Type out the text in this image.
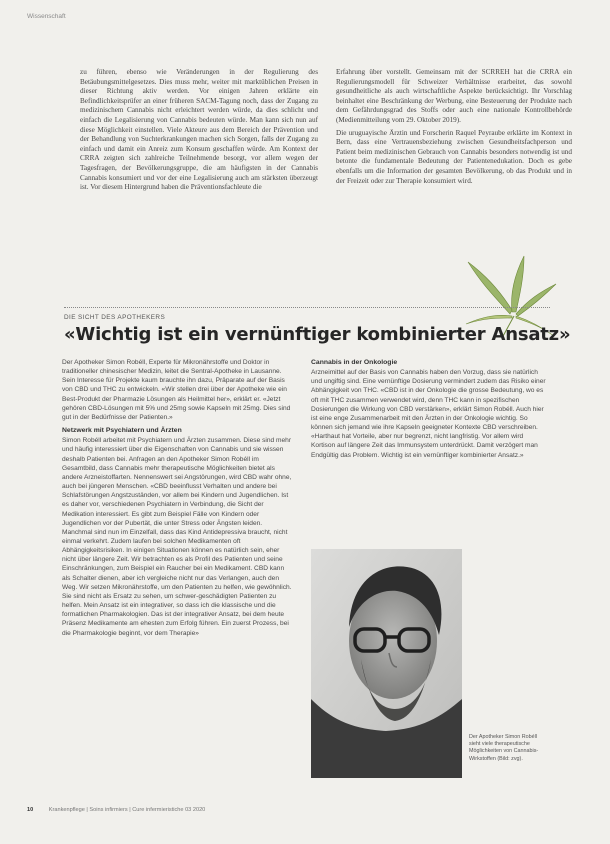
Wissenschaft

zu führen, ebenso wie Veränderungen in der Regulierung des Betäubungsmittelgesetzes. Dies muss mehr, weiter mit marktüblichen Preisen in dieser Richtung aktiv werden. Vor einigen Jahren erklärte ein Befindlichkeitsprüfer an einer früheren SACM-Tagung noch, dass der Zugang zu medizinischem Cannabis nicht erleichtert werden würde, da dies schlicht und einfach die Legalisierung von Cannabis bedeuten würde. Man kann sich nun auf diese Möglichkeit einstellen. Viele Akteure aus dem Bereich der Prävention und der Behandlung von Suchterkrankungen machen sich Sorgen, falls der Zugang zu einfach und damit ein Anreiz zum Konsum geschaffen würde. Am Kontext der CRRA zeigten sich zahlreiche Teilnehmende besorgt, vor allem wegen der Tagesfragen, der Bevölkerungsgruppe, die am häufigsten in der Cannabis Cannabis konsumiert und vor der eine Legalisierung auch am stärksten überzeugt ist. Vor diesem Hintergrund haben die Präventionsfachleute die

Erfahrung über vorstellt. Gemeinsam mit der SCRREH hat die CRRA ein Regulierungsmodell für Schweizer Verhältnisse erarbeitet, das sowohl gesundheitliche als auch wirtschaftliche Aspekte berücksichtigt. Ihr Vorschlag beinhaltet eine Beschränkung der Werbung, eine Besteuerung der Produkte nach dem Gefährdungsgrad des Stoffs oder auch eine nationale Kontrollbehörde (Medienmitteilung vom 29. Oktober 2019).

Die uruguayische Ärztin und Forscherin Raquel Peyraube erklärte im Kontext in Bern, dass eine Vertrauensbeziehung zwischen Gesundheitsfachperson und Patient beim medizinischen Gebrauch von Cannabis besonders notwendig ist und betonte die fundamentale Bedeutung der Patientenedukation. Doch es gebe ebenfalls um die Information der gesamten Bevölkerung, ob das Produkt und in der Freizeit oder zur Therapie konsumiert wird.

DIE SICHT DES APOTHEKERS
«Wichtig ist ein vernünftiger kombinierter Ansatz»

Der Apotheker Simon Robéll, Experte für Mikronährstoffe und Doktor in traditioneller chinesischer Medizin, leitet die Sentral-Apotheke in Lausanne. Sein Interesse für Projekte kaum brauchte ihn dazu, Präparate auf der Basis von CBD und THC zu entwickeln. «Wir stellen drei über der Apotheke wie ein Best-Produkt der Pharmazie Lösungen als Heilmittel her», erklärt er. «Jetzt gehören CBD-Lösungen mit 5% und 25mg sowie Kapseln mit 25mg. Dies sind gut in der Bedürfnisse der Patienten.»

Netzwerk mit Psychiatern und Ärzten

Simon Robéll arbeitet mit Psychiatern und Ärzten zusammen. Diese sind mehr und häufig interessiert über die Eigenschaften von Cannabis und sie wissen deshalb Patienten bei. Anfragen an den Apotheker Simon Robéll im Gesamtbild, dass Cannabis mehr therapeutische Möglichkeiten bietet als andere Arzneistoffarten. Nennenswert sei Angstörungen, wird CBD wahr ohne, auch bei jüngeren Menschen. «CBD beeinflusst Verhalten und andere bei Schlafstörungen Angstzuständen, vor allem bei Kindern und Jugendlichen. Ist es daher vor, verschiedenen Psychiatern in Verbindung, die Sicht der Medikation interessiert. Es gibt zum Beispiel Fälle von Kindern oder Jugendlichen vor der Pubertät, die unter Stress oder Ängsten leiden. Manchmal sind nun im Einzelfall, dass das Kind Antidepressiva braucht, nicht einmal verkehrt. Zudem laufen bei solchen Medikamenten oft Abhängigkeitsrisiken. In einigen Situationen können es natürlich sein, eher nicht über längere Zeit. Wir betrachten es als Profil des Patienten und seine Einschränkungen, zum Beispiel ein Raucher bei ein Medikament. CBD kann als Schalter dienen, aber ich vergleiche nicht nur das Verlangen, auch den Weg. Wir setzen Mikronährstoffe, um den Patienten zu helfen, wie gewöhnlich. Sie sind nicht als Ersatz zu sehen, um schwer-geschädigten Patienten zu helfen. Mein Ansatz ist ein integrativer, so dass ich die klassische und die formatlichen Pharmakologien. Das ist der integrativer Ansatz, bei dem heute Präsenz Medikamente am ehesten zum Erfolg führen. Ein zuerst Prozess, bei die Pharmakologie beginnt, vor dem Therapie»

Cannabis in der Onkologie

Arzneimittel auf der Basis von Cannabis haben den Vorzug, dass sie natürlich und ungiftig sind. Eine vernünftige Dosierung vermindert zudem das Risiko einer Abhängigkeit von THC. «CBD ist in der Onkologie die grosse Bedeutung, wo es oft mit THC zusammen verwendet wird, denn THC kann in spezifischen Dosierungen die Wirkung von CBD verstärken», erklärt Simon Robéll. Auch hier ist eine enge Zusammenarbeit mit den Ärzten in der Onkologie wichtig. So können sich jemand wie ihre Kapseln geeigneter Kontexte CBD verschreiben. «Harthaut hat Vorteile, aber nur begrenzt, nicht langfristig. Vor allem wird Kortison auf längere Zeit das Immunsystem unterdrückt. Damit verzögert man Endgültig das Problem. Wichtig ist ein vernünftiger kombinierter Ansatz.»

Der Apotheker Simon Robéll sieht viele therapeutische Möglichkeiten von Cannabis-Wirkstoffen (Bild: zvg).

10	Krankenpflege | Soins infirmiers | Cure infermieristiche 03 2020
